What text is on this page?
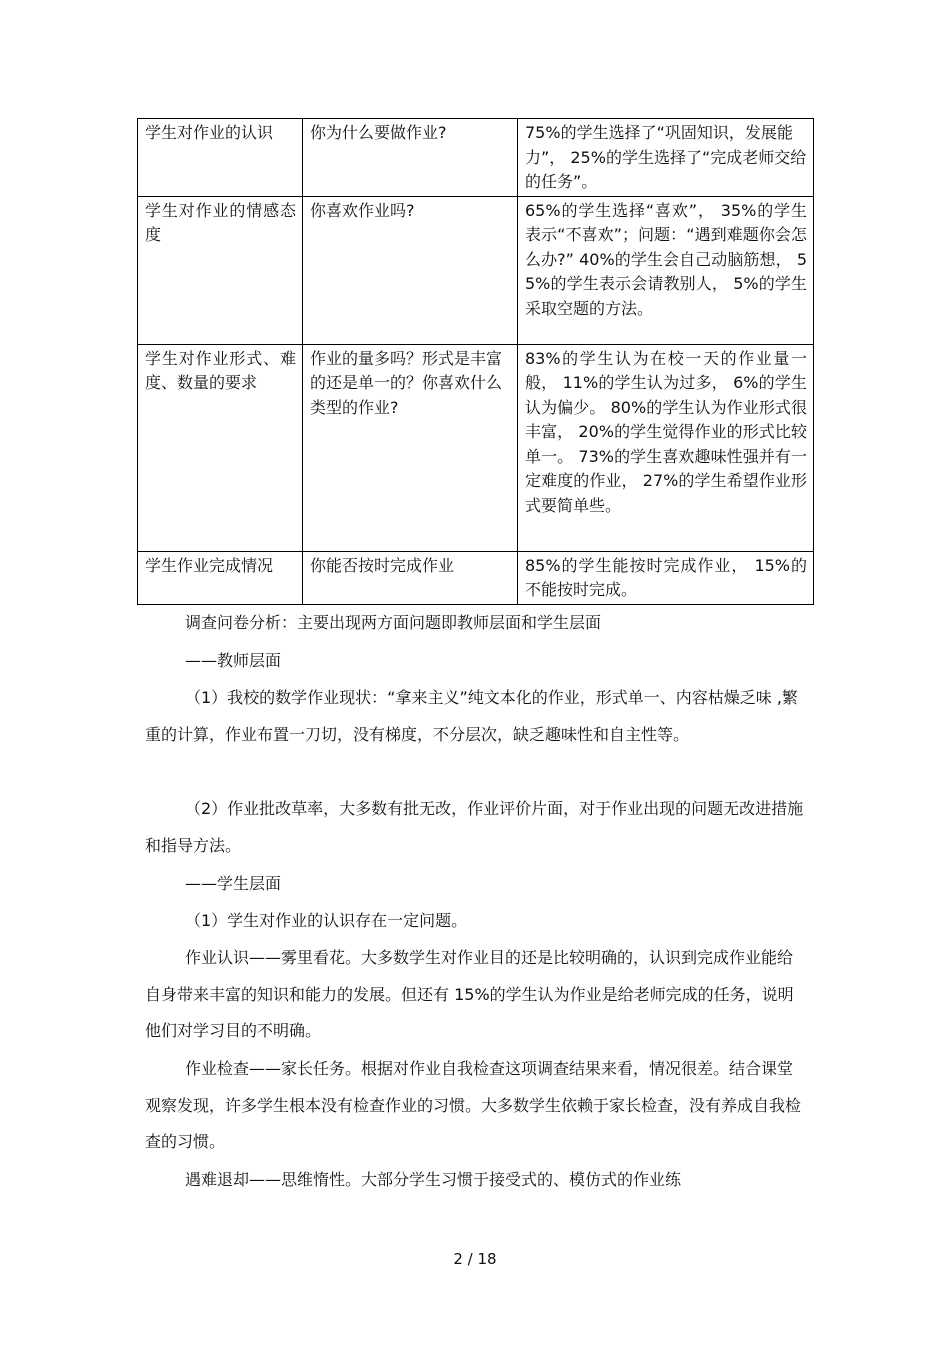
学生对作业的认识	你为什么要做作业?	75%的学生选择了“巩固知识，发展能力”， 25%的学生选择了“完成老师交给的任务”。
学生对作业的情感态度	你喜欢作业吗?	65%的学生选择“喜欢”， 35%的学生表示“不喜欢”；问题：“遇到难题你会怎么办?” 40%的学生会自己动脑筋想， 55%的学生表示会请教别人， 5%的学生采取空题的方法。
学生对作业形式、难度、数量的要求	作业的量多吗？形式是丰富的还是单一的？你喜欢什么类型的作业?	83%的学生认为在校一天的作业量一般， 11%的学生认为过多， 6%的学生认为偏少。 80%的学生认为作业形式很丰富， 20%的学生觉得作业的形式比较单一。 73%的学生喜欢趣味性强并有一定难度的作业， 27%的学生希望作业形式要简单些。
学生作业完成情况	你能否按时完成作业	85%的学生能按时完成作业， 15%的不能按时完成。
调查问卷分析：主要出现两方面问题即教师层面和学生层面
——教师层面
（1）我校的数学作业现状：“拿来主义”纯文本化的作业，形式单一、内容枯燥乏味 ,繁重的计算，作业布置一刀切，没有梯度，不分层次，缺乏趣味性和自主性等。
（2）作业批改草率，大多数有批无改，作业评价片面，对于作业出现的问题无改进措施和指导方法。
——学生层面
（1）学生对作业的认识存在一定问题。
作业认识——雾里看花。大多数学生对作业目的还是比较明确的，认识到完成作业能给自身带来丰富的知识和能力的发展。但还有 15%的学生认为作业是给老师完成的任务，说明他们对学习目的不明确。
作业检查——家长任务。根据对作业自我检查这项调查结果来看，情况很差。结合课堂观察发现，许多学生根本没有检查作业的习惯。大多数学生依赖于家长检查，没有养成自我检查的习惯。
遇难退却——思维惰性。大部分学生习惯于接受式的、模仿式的作业练
2 / 18
